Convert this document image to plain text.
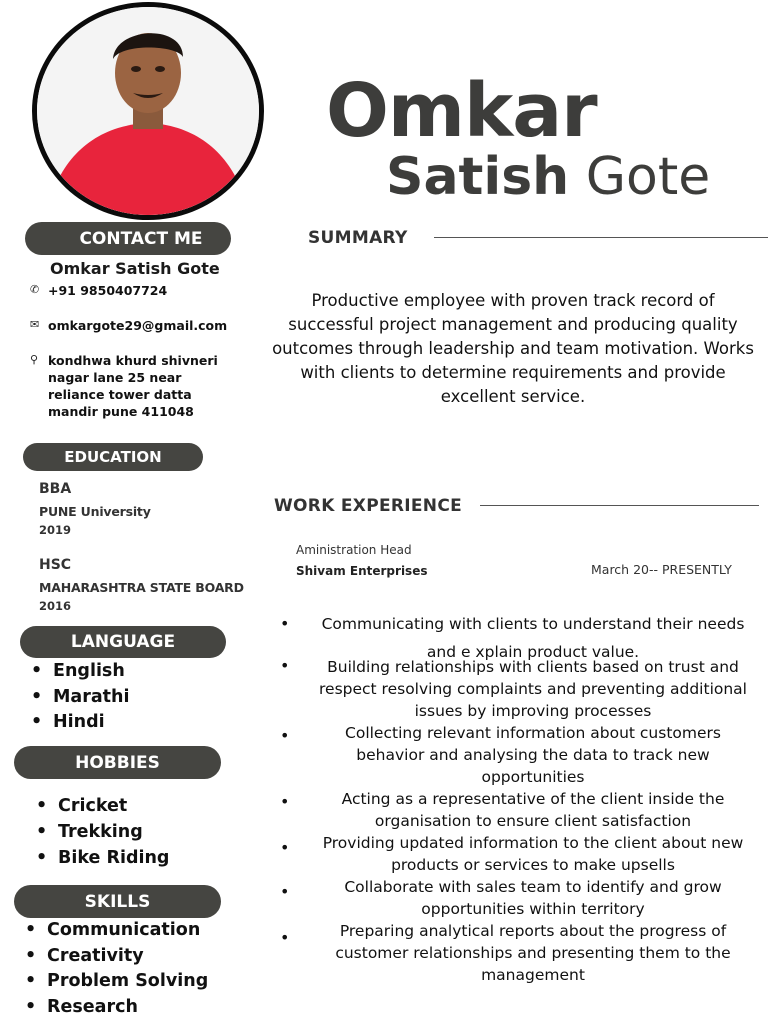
Omkar
Satish Gote
CONTACT ME
Omkar Satish Gote
✆ +91 9850407724
✉ omkargote29@gmail.com
⚲ kondhwa khurd shivneri nagar lane 25 near reliance tower datta mandir pune 411048
EDUCATION
BBA
PUNE University
2019
HSC
MAHARASHTRA STATE BOARD
2016
LANGUAGE
• English
• Marathi
• Hindi
HOBBIES
• Cricket
• Trekking
• Bike Riding
SKILLS
• Communication
• Creativity
• Problem Solving
• Research
SUMMARY
Productive employee with proven track record of successful project management and producing quality outcomes through leadership and team motivation. Works with clients to determine requirements and provide excellent service.
WORK EXPERIENCE
Aministration Head
Shivam Enterprises	March 20-- PRESENTLY
•	Communicating with clients to understand their needs and e xplain product value.
•	Building relationships with clients based on trust and respect resolving complaints and preventing additional issues by improving processes
•	Collecting relevant information about customers behavior and analysing the data to track new opportunities
•	Acting as a representative of the client inside the organisation to ensure client satisfaction
•	Providing updated information to the client about new products or services to make upsells
•	Collaborate with sales team to identify and grow opportunities within territory
•	Preparing analytical reports about the progress of customer relationships and presenting them to the management
